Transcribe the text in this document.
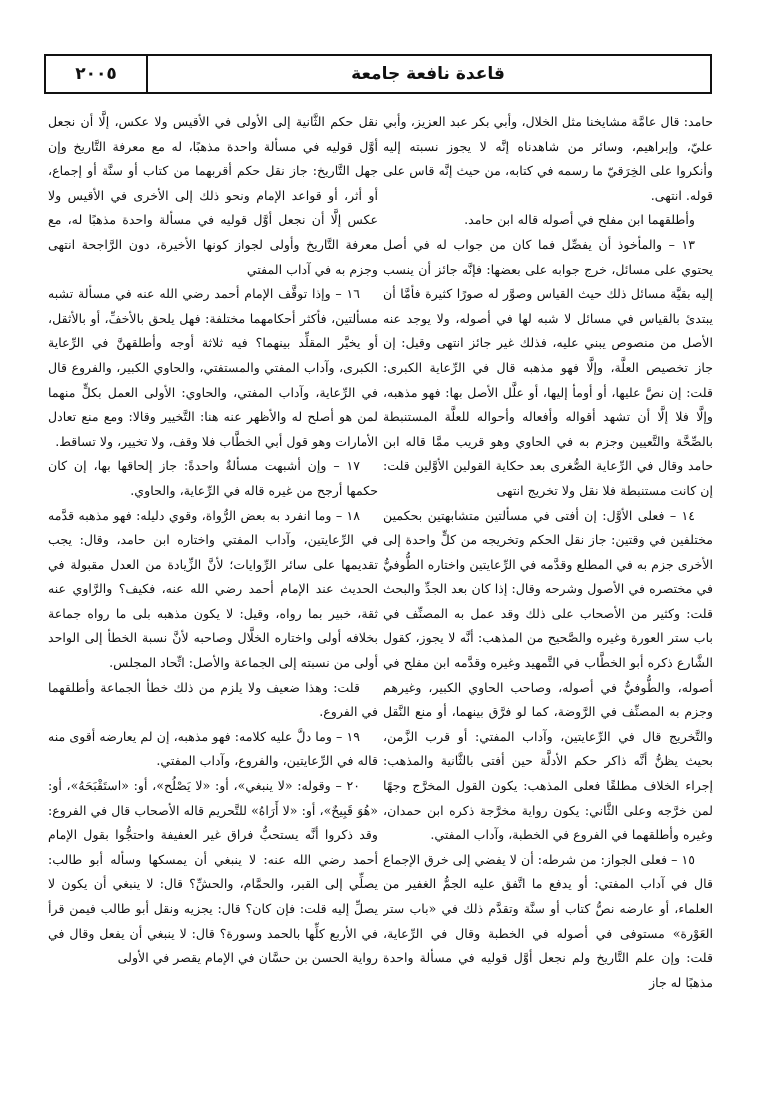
قاعدة نافعة جامعة
٢٠٠٥

حامد: قال عامَّة مشايخنا مثل الخلال، وأبي بكر عبد العزيز، وأبي عليّ، وإبراهيم، وسائر من شاهدناه إنَّه لا يجوز نسبته إليه وأنكروا على الخِرَقيّ ما رسمه في كتابه، من حيث إنَّه قاس على قوله. انتهى.

وأطلقهما ابن مفلح في أصوله قاله ابن حامد.

١٣ – والمأخوذ أن يفصِّل فما كان من جواب له في أصل يحتوي على مسائل، خرج جوابه على بعضها: فإنَّه جائز أن ينسب إليه بقيَّة مسائل ذلك حيث القياس وصوَّر له صورًا كثيرة فأمَّا أن يبتدئ بالقياس في مسائل لا شبه لها في أصوله، ولا يوجد عنه الأصل من منصوص يبني عليه، فذلك غير جائز انتهى وقيل: إن جاز تخصيص العلَّة، وإلَّا فهو مذهبه قال في الرِّعاية الكبرى: قلت: إن نصَّ عليها، أو أومأ إليها، أو علَّل الأصل بها: فهو مذهبه، وإلَّا فلا إلَّا أن تشهد أقواله وأفعاله وأحواله للعلَّة المستنبطة بالصِّحَّة والتَّعيين وجزم به في الحاوي وهو قريب ممَّا قاله ابن حامد وقال في الرِّعاية الصُّغرى بعد حكاية القولين الأوَّلين قلت: إن كانت مستنبطة فلا نقل ولا تخريج انتهى

١٤ – فعلى الأوَّل: إن أفتى في مسألتين متشابهتين بحكمين مختلفين في وقتين: جاز نقل الحكم وتخريجه من كلٍّ واحدة إلى الأخرى جزم به في المطلع وقدَّمه في الرِّعايتين واختاره الطُّوفيُّ في مختصره في الأصول وشرحه وقال: إذا كان بعد الجدِّ والبحث قلت: وكثير من الأصحاب على ذلك وقد عمل به المصنِّف في باب ستر العورة وغيره والصَّحيح من المذهب: أنَّه لا يجوز، كقول الشَّارع ذكره أبو الخطَّاب في التَّمهيد وغيره وقدَّمه ابن مفلح في أصوله، والطُّوفيُّ في أصوله، وصاحب الحاوي الكبير، وغيرهم وجزم به المصنِّف في الرَّوضة، كما لو فرَّق بينهما، أو منع النَّقل والتَّخريج قال في الرِّعايتين، وآداب المفتي: أو قرب الزَّمن، بحيث يظنُّ أنَّه ذاكر حكم الأدلَّة حين أفتى بالثَّانية والمذهب: إجراء الخلاف مطلقًا فعلى المذهب: يكون القول المخرَّج وجهًا لمن خرَّجه وعلى الثَّاني: يكون رواية مخرَّجة ذكره ابن حمدان، وغيره وأطلقهما في الفروع في الخطبة، وآداب المفتي.

١٥ – فعلى الجواز: من شرطه: أن لا يفضي إلى خرق الإجماع قال في آداب المفتي: أو يدفع ما اتَّفق عليه الجمُّ الغفير من العلماء، أو عارضه نصُّ كتاب أو سنَّة وتقدَّم ذلك في «باب ستر العَوْرة» مستوفى في أصوله في الخطبة وقال في الرِّعاية، قلت: وإن علم التَّاريخ ولم نجعل أوَّل قوليه في مسألة واحدة مذهبًا له جاز

نقل حكم الثَّانية إلى الأولى في الأقيس ولا عكس، إلَّا أن نجعل أوَّل قوليه في مسألة واحدة مذهبًا، له مع معرفة التَّاريخ وإن جهل التَّاريخ: جاز نقل حكم أقربهما من كتاب أو سنَّة أو إجماع، أو أثر، أو قواعد الإمام ونحو ذلك إلى الأخرى في الأقيس ولا عكس إلَّا أن نجعل أوَّل قوليه في مسألة واحدة مذهبًا له، مع معرفة التَّاريخ وأولى لجواز كونها الأخيرة، دون الرَّاجحة انتهى وجزم به في آداب المفتي

١٦ – وإذا توقَّف الإمام أحمد رضي الله عنه في مسألة تشبه مسألتين، فأكثر أحكامهما مختلفة: فهل يلحق بالأخفِّ، أو بالأثقل، أو يخيَّر المقلِّد بينهما؟ فيه ثلاثة أوجه وأطلقهنَّ في الرِّعاية الكبرى، وآداب المفتي والمستفتي، والحاوي الكبير، والفروع قال في الرِّعاية، وآداب المفتي، والحاوي: الأولى العمل بكلٍّ منهما لمن هو أصلح له والأظهر عنه هنا: التَّخيير وقالا: ومع منع تعادل الأمارات وهو قول أبي الخطَّاب فلا وقف، ولا تخيير، ولا تساقط.

١٧ – وإن أشبهت مسألةٌ واحدةً: جاز إلحاقها بها، إن كان حكمها أرجح من غيره قاله في الرِّعاية، والحاوي.

١٨ – وما انفرد به بعض الرُّواة، وقوي دليله: فهو مذهبه قدَّمه في الرِّعايتين، وآداب المفتي واختاره ابن حامد، وقال: يجب تقديمها على سائر الرِّوايات؛ لأنَّ الزِّيادة من العدل مقبولة في الحديث عند الإمام أحمد رضي الله عنه، فكيف؟ والرَّاوي عنه ثقة، خبير بما رواه، وقيل: لا يكون مذهبه بلى ما رواه جماعة بخلافه أولى واختاره الخلَّال وصاحبه لأنَّ نسبة الخطأ إلى الواحد أولى من نسبته إلى الجماعة والأصل: اتِّحاد المجلس.

قلت: وهذا ضعيف ولا يلزم من ذلك خطأ الجماعة وأطلقهما في الفروع.

١٩ – وما دلَّ عليه كلامه: فهو مذهبه، إن لم يعارضه أقوى منه قاله في الرِّعايتين، والفروع، وآداب المفتي.

٢٠ – وقوله: «لا ينبغي»، أو: «لا يَصْلُح»، أو: «استَقْبَحَهُ»، أو: «هُوَ قَبِيحٌ»، أو: «لا أَرَاهُ» للتَّحريم قاله الأصحاب قال في الفروع: وقد ذكروا أنَّه يستحبُّ فراق غير العفيفة واحتجُّوا بقول الإمام أحمد رضي الله عنه: لا ينبغي أن يمسكها وسأله أبو طالب: يصلِّي إلى القبر، والحمَّام، والحشِّ؟ قال: لا ينبغي أن يكون لا يصلِّ إليه قلت: فإن كان؟ قال: يجزيه ونقل أبو طالب فيمن قرأ في الأربع كلِّها بالحمد وسورة؟ قال: لا ينبغي أن يفعل وقال في رواية الحسن بن حسَّان في الإمام يقصر في الأولى
